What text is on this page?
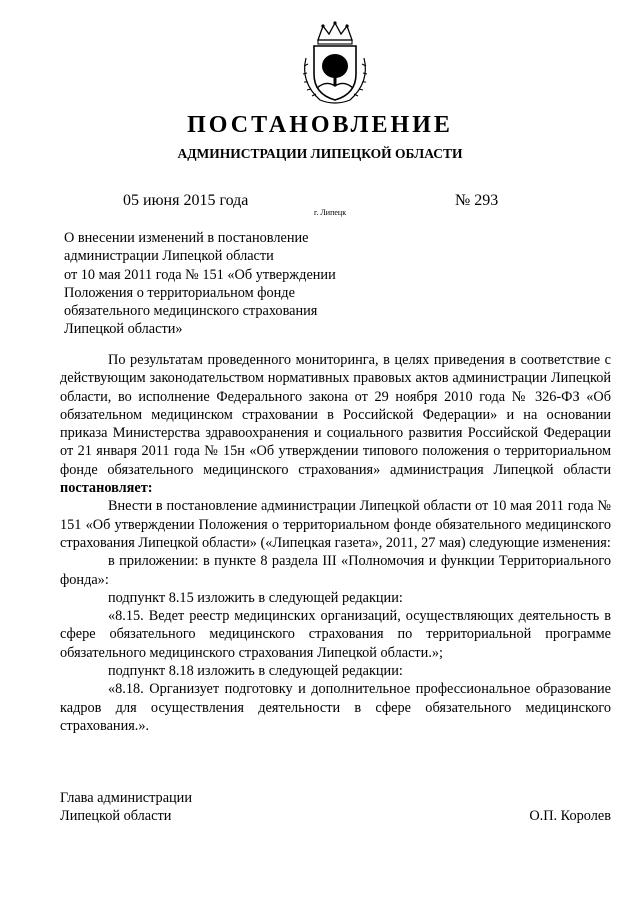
ПОСТАНОВЛЕНИЕ
АДМИНИСТРАЦИИ ЛИПЕЦКОЙ ОБЛАСТИ
05 июня 2015 года
г. Липецк
№ 293
О внесении изменений в постановление
администрации Липецкой области
от 10 мая 2011 года № 151 «Об утверждении
Положения о территориальном фонде
обязательного медицинского страхования
Липецкой области»

По результатам проведенного мониторинга, в целях приведения в соответствие с действующим законодательством нормативных правовых актов администрации Липецкой области, во исполнение Федерального закона от 29 ноября 2010 года № 326-ФЗ «Об обязательном медицинском страховании в Российской Федерации» и на основании приказа Министерства здравоохранения и социального развития Российской Федерации от 21 января 2011 года № 15н «Об утверждении типового положения о территориальном фонде обязательного медицинского страхования» администрация Липецкой области постановляет:

Внести в постановление администрации Липецкой области от 10 мая 2011 года № 151 «Об утверждении Положения о территориальном фонде обязательного медицинского страхования Липецкой области» («Липецкая газета», 2011, 27 мая) следующие изменения:

в приложении: в пункте 8 раздела III «Полномочия и функции Территориального фонда»:

подпункт 8.15 изложить в следующей редакции:

«8.15. Ведет реестр медицинских организаций, осуществляющих деятельность в сфере обязательного медицинского страхования по территориальной программе обязательного медицинского страхования Липецкой области.»;

подпункт 8.18 изложить в следующей редакции:

«8.18. Организует подготовку и дополнительное профессиональное образование кадров для осуществления деятельности в сфере обязательного медицинского страхования.».

Глава администрации
Липецкой области	О.П. Королев
